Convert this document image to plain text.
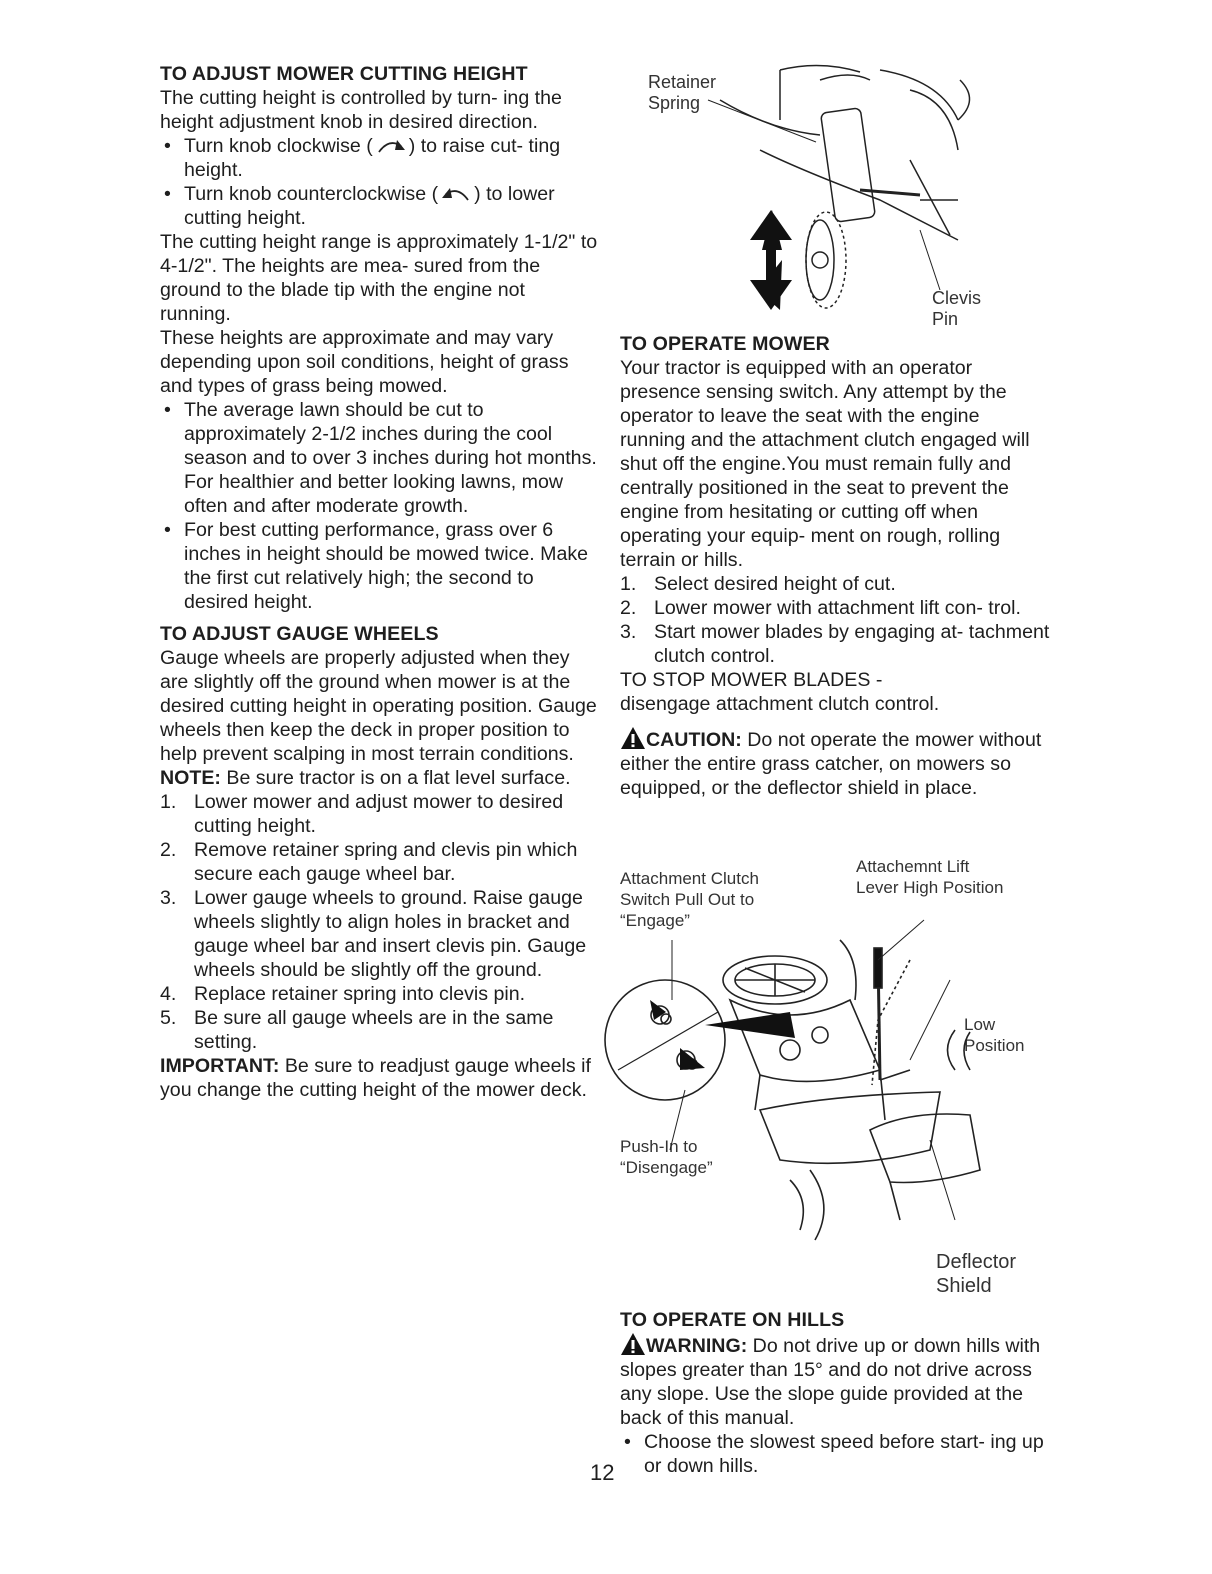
TO ADJUST MOWER CUTTING HEIGHT

The cutting height is controlled by turn- ing the height adjustment knob in desired direction.

• Turn knob clockwise ( ) to raise cut- ting height.
• Turn knob counterclockwise ( ) to lower cutting height.

The cutting height range is approximately 1-1/2" to 4-1/2". The heights are mea- sured from the ground to the blade tip with the engine not running.

These heights are approximate and may vary depending upon soil conditions, height of grass and types of grass being mowed.

• The average lawn should be cut to approximately 2-1/2 inches during the cool season and to over 3 inches during hot months. For healthier and better looking lawns, mow often and after moderate growth.
• For best cutting performance, grass over 6 inches in height should be mowed twice. Make the first cut relatively high; the second to desired height.
TO ADJUST GAUGE WHEELS

Gauge wheels are properly adjusted when they are slightly off the ground when mower is at the desired cutting height in operating position. Gauge wheels then keep the deck in proper position to help prevent scalping in most terrain conditions.

NOTE: Be sure tractor is on a flat level surface.

1. Lower mower and adjust mower to desired cutting height.
2. Remove retainer spring and clevis pin which secure each gauge wheel bar.
3. Lower gauge wheels to ground. Raise gauge wheels slightly to align holes in bracket and gauge wheel bar and insert clevis pin. Gauge wheels should be slightly off the ground.
4. Replace retainer spring into clevis pin.
5. Be sure all gauge wheels are in the same setting.

IMPORTANT: Be sure to readjust gauge wheels if you change the cutting height of the mower deck.

Retainer
Spring
Clevis
Pin
TO OPERATE MOWER

Your tractor is equipped with an operator presence sensing switch. Any attempt by the operator to leave the seat with the engine running and the attachment clutch engaged will shut off the engine.You must remain fully and centrally positioned in the seat to prevent the engine from hesitating or cutting off when operating your equip- ment on rough, rolling terrain or hills.

1. Select desired height of cut.
2. Lower mower with attachment lift con- trol.
3. Start mower blades by engaging at- tachment clutch control.

TO STOP MOWER BLADES -

disengage attachment clutch control.

CAUTION: Do not operate the mower without either the entire grass catcher, on mowers so equipped, or the deflector shield in place.

Attachment Clutch
Switch Pull Out to
“Engage”
Attachemnt Lift
Lever High Position
Low
Position
Push-In to
“Disengage”
Deflector
Shield
TO OPERATE ON HILLS

WARNING: Do not drive up or down hills with slopes greater than 15° and do not drive across any slope. Use the slope guide provided at the back of this manual.

• Choose the slowest speed before start- ing up or down hills.
12
